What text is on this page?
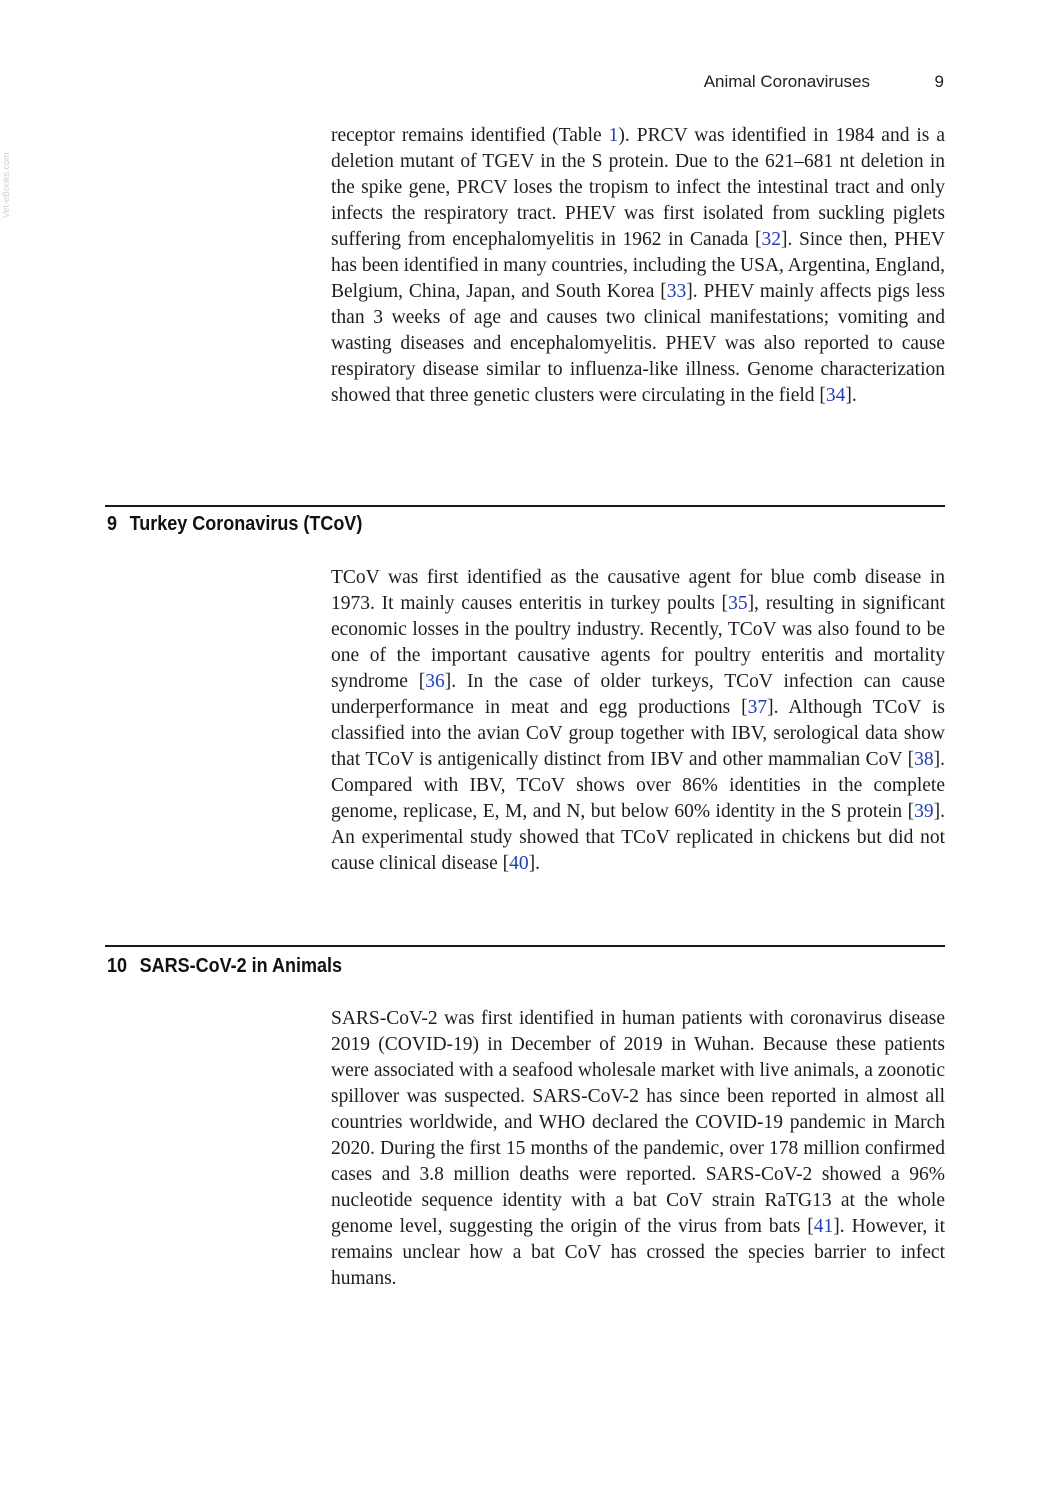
Vet-eBooks.com
Animal Coronaviruses	9

receptor remains identified (Table 1). PRCV was identified in 1984 and is a deletion mutant of TGEV in the S protein. Due to the 621–681 nt deletion in the spike gene, PRCV loses the tropism to infect the intestinal tract and only infects the respiratory tract. PHEV was first isolated from suckling piglets suffering from encephalomyelitis in 1962 in Canada [32]. Since then, PHEV has been identified in many countries, including the USA, Argentina, England, Belgium, China, Japan, and South Korea [33]. PHEV mainly affects pigs less than 3 weeks of age and causes two clinical manifestations; vomiting and wasting diseases and encephalomyelitis. PHEV was also reported to cause respiratory disease similar to influenza-like illness. Genome characterization showed that three genetic clusters were circulating in the field [34].

9 Turkey Coronavirus (TCoV)

TCoV was first identified as the causative agent for blue comb disease in 1973. It mainly causes enteritis in turkey poults [35], resulting in significant economic losses in the poultry industry. Recently, TCoV was also found to be one of the important causative agents for poultry enteritis and mortality syndrome [36]. In the case of older turkeys, TCoV infection can cause underperformance in meat and egg productions [37]. Although TCoV is classified into the avian CoV group together with IBV, serological data show that TCoV is antigenically distinct from IBV and other mammalian CoV [38]. Compared with IBV, TCoV shows over 86% identities in the complete genome, replicase, E, M, and N, but below 60% identity in the S protein [39]. An experimental study showed that TCoV replicated in chickens but did not cause clinical disease [40].

10 SARS-CoV-2 in Animals

SARS-CoV-2 was first identified in human patients with coronavirus disease 2019 (COVID-19) in December of 2019 in Wuhan. Because these patients were associated with a seafood wholesale market with live animals, a zoonotic spillover was suspected. SARS-CoV-2 has since been reported in almost all countries worldwide, and WHO declared the COVID-19 pandemic in March 2020. During the first 15 months of the pandemic, over 178 million confirmed cases and 3.8 million deaths were reported. SARS-CoV-2 showed a 96% nucleotide sequence identity with a bat CoV strain RaTG13 at the whole genome level, suggesting the origin of the virus from bats [41]. However, it remains unclear how a bat CoV has crossed the species barrier to infect humans.
